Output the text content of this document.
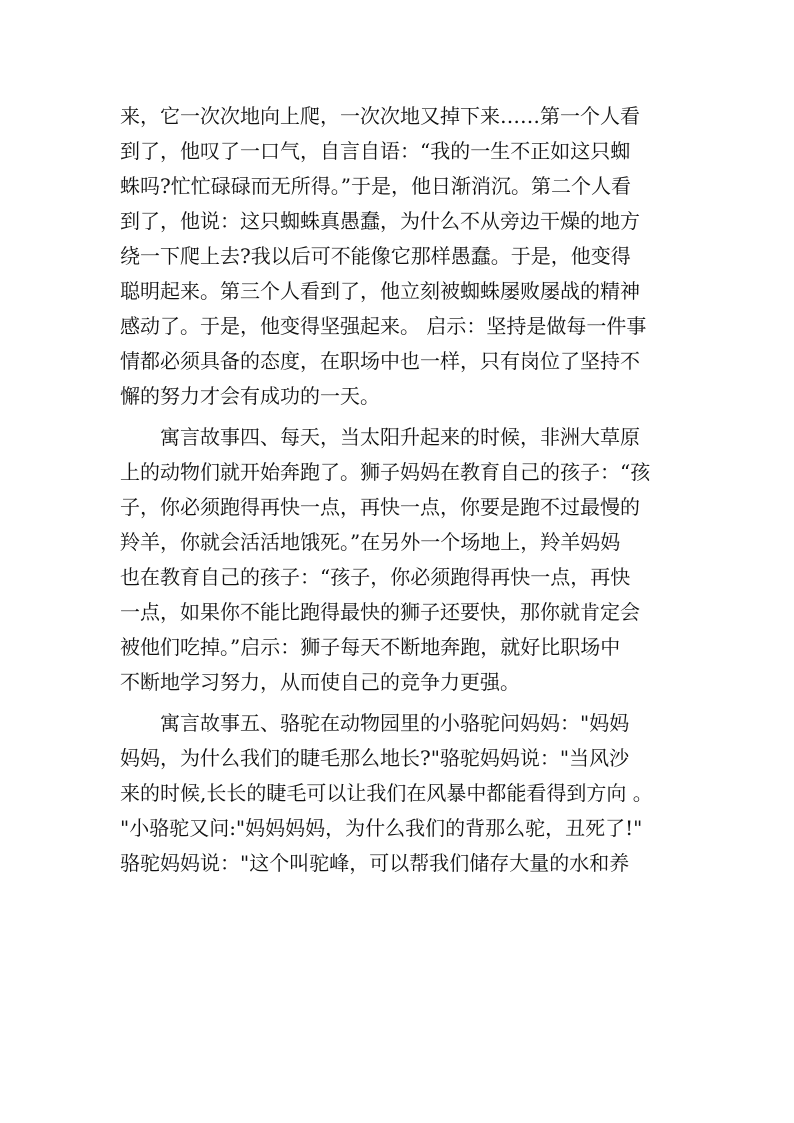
来，它一次次地向上爬，一次次地又掉下来……第一个人看
到了，他叹了一口气，自言自语：“我的一生不正如这只蜘
蛛吗?忙忙碌碌而无所得。”于是，他日渐消沉。第二个人看
到了，他说：这只蜘蛛真愚蠢，为什么不从旁边干燥的地方
绕一下爬上去?我以后可不能像它那样愚蠢。于是，他变得
聪明起来。第三个人看到了，他立刻被蜘蛛屡败屡战的精神
感动了。于是，他变得坚强起来。 启示：坚持是做每一件事
情都必须具备的态度，在职场中也一样，只有岗位了坚持不
懈的努力才会有成功的一天。
　　寓言故事四、每天，当太阳升起来的时候，非洲大草原
上的动物们就开始奔跑了。狮子妈妈在教育自己的孩子：“孩
子，你必须跑得再快一点，再快一点，你要是跑不过最慢的
羚羊，你就会活活地饿死。”在另外一个场地上，羚羊妈妈
也在教育自己的孩子：“孩子，你必须跑得再快一点，再快
一点，如果你不能比跑得最快的狮子还要快，那你就肯定会
被他们吃掉。”启示：狮子每天不断地奔跑，就好比职场中
不断地学习努力，从而使自己的竞争力更强。
　　寓言故事五、骆驼在动物园里的小骆驼问妈妈："妈妈
妈妈，为什么我们的睫毛那么地长?"骆驼妈妈说："当风沙
来的时候,长长的睫毛可以让我们在风暴中都能看得到方向 。
"小骆驼又问:"妈妈妈妈，为什么我们的背那么驼，丑死了!"
骆驼妈妈说："这个叫驼峰，可以帮我们储存大量的水和养
